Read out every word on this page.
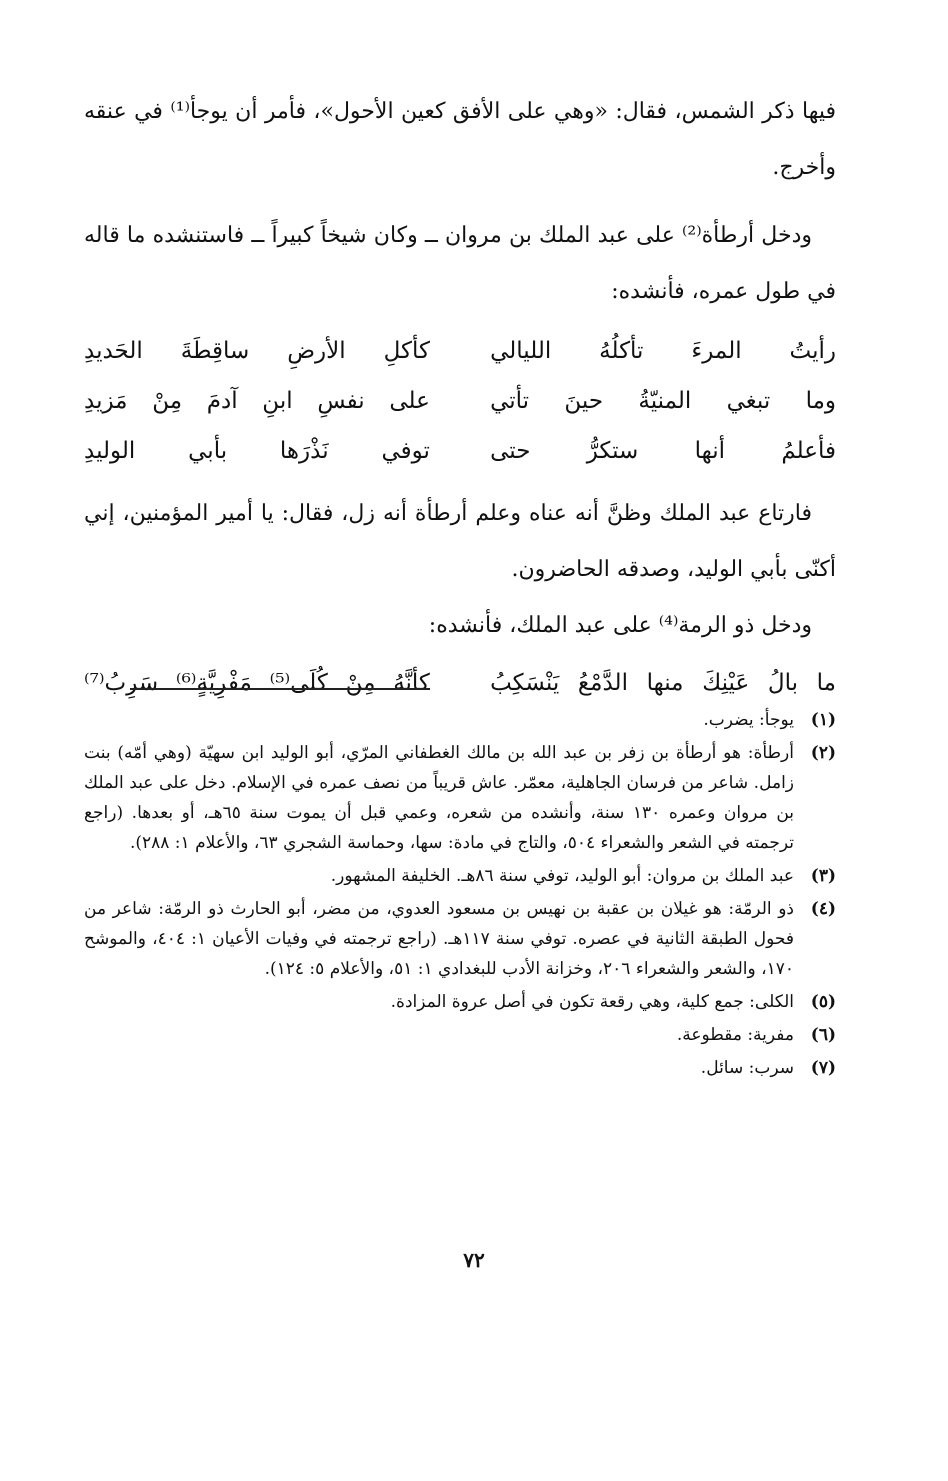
فيها ذكر الشمس، فقال: «وهي على الأفق كعين الأحول»، فأمر أن يوجأ⁽¹⁾ في عنقه وأخرج.

ودخل أرطأة⁽²⁾ على عبد الملك بن مروان ــ وكان شيخاً كبيراً ــ فاستنشده ما قاله في طول عمره، فأنشده:

رأيتُ المرءَ تأكلُهُ الليالي
كأكلِ الأرضِ ساقِطَةَ الحَديدِ
وما تبغي المنيّةُ حينَ تأتي
على نفسِ ابنِ آدمَ مِنْ مَزيدِ
فأعلمُ أنها ستكرُّ حتى
توفي نَذْرَها بأبي الوليدِ

فارتاع عبد الملك وظنَّ أنه عناه وعلم أرطأة أنه زل، فقال: يا أمير المؤمنين، إني أكنّى بأبي الوليد، وصدقه الحاضرون.

ودخل ذو الرمة⁽⁴⁾ على عبد الملك، فأنشده:

ما بالُ عَيْنِكَ منها الدَّمْعُ يَنْسَكِبُ
كأنَّهُ مِنْ كُلَى⁽⁵⁾ مَفْرِيَّةٍ⁽⁶⁾ سَرِبُ⁽⁷⁾
(١)
يوجأ: يضرب.
(٢)
أرطأة: هو أرطأة بن زفر بن عبد الله بن مالك الغطفاني المرّي، أبو الوليد ابن سهيّة (وهي أمّه) بنت زامل. شاعر من فرسان الجاهلية، معمّر. عاش قريباً من نصف عمره في الإسلام. دخل على عبد الملك بن مروان وعمره ١٣٠ سنة، وأنشده من شعره، وعمي قبل أن يموت سنة ٦٥هـ، أو بعدها. (راجع ترجمته في الشعر والشعراء ٥٠٤، والتاج في مادة: سها، وحماسة الشجري ٦٣، والأعلام ١: ٢٨٨).
(٣)
عبد الملك بن مروان: أبو الوليد، توفي سنة ٨٦هـ. الخليفة المشهور.
(٤)
ذو الرمّة: هو غيلان بن عقبة بن نهيس بن مسعود العدوي، من مضر، أبو الحارث ذو الرمّة: شاعر من فحول الطبقة الثانية في عصره. توفي سنة ١١٧هـ. (راجع ترجمته في وفيات الأعيان ١: ٤٠٤، والموشح ١٧٠، والشعر والشعراء ٢٠٦، وخزانة الأدب للبغدادي ١: ٥١، والأعلام ٥: ١٢٤).
(٥)
الكلى: جمع كلية، وهي رقعة تكون في أصل عروة المزادة.
(٦)
مفرية: مقطوعة.
(٧)
سرب: سائل.
٧٢
